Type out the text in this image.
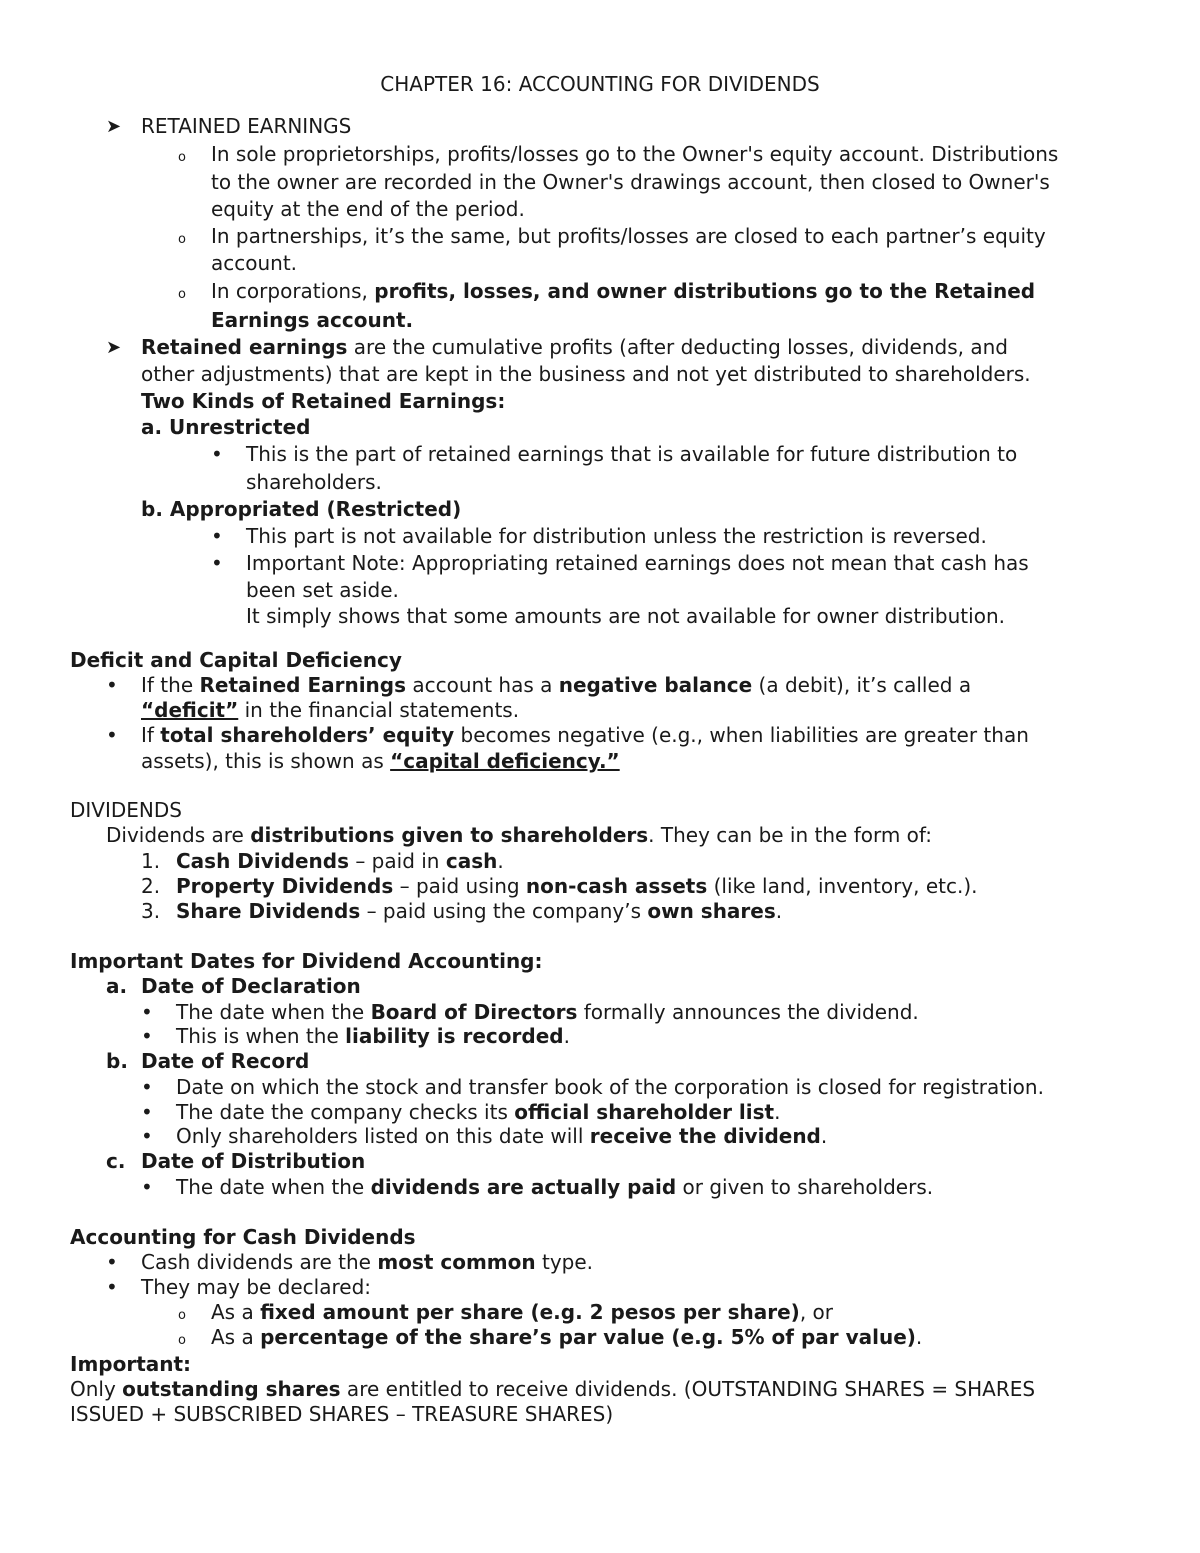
CHAPTER 16: ACCOUNTING FOR DIVIDENDS
➤ RETAINED EARNINGS
o In sole proprietorships, profits/losses go to the Owner's equity account. Distributions
to the owner are recorded in the Owner's drawings account, then closed to Owner's
equity at the end of the period.
o In partnerships, it’s the same, but profits/losses are closed to each partner’s equity
account.
o In corporations, profits, losses, and owner distributions go to the Retained
Earnings account.
➤ Retained earnings are the cumulative profits (after deducting losses, dividends, and
other adjustments) that are kept in the business and not yet distributed to shareholders.
Two Kinds of Retained Earnings:
a. Unrestricted
• This is the part of retained earnings that is available for future distribution to
shareholders.
b. Appropriated (Restricted)
• This part is not available for distribution unless the restriction is reversed.
• Important Note: Appropriating retained earnings does not mean that cash has
been set aside.
It simply shows that some amounts are not available for owner distribution.
Deficit and Capital Deficiency
• If the Retained Earnings account has a negative balance (a debit), it’s called a
“deficit” in the financial statements.
• If total shareholders’ equity becomes negative (e.g., when liabilities are greater than
assets), this is shown as “capital deficiency.”
DIVIDENDS
Dividends are distributions given to shareholders. They can be in the form of:
1. Cash Dividends – paid in cash.
2. Property Dividends – paid using non-cash assets (like land, inventory, etc.).
3. Share Dividends – paid using the company’s own shares.
Important Dates for Dividend Accounting:
a. Date of Declaration
• The date when the Board of Directors formally announces the dividend.
• This is when the liability is recorded.
b. Date of Record
• Date on which the stock and transfer book of the corporation is closed for registration.
• The date the company checks its official shareholder list.
• Only shareholders listed on this date will receive the dividend.
c. Date of Distribution
• The date when the dividends are actually paid or given to shareholders.
Accounting for Cash Dividends
• Cash dividends are the most common type.
• They may be declared:
o As a fixed amount per share (e.g. 2 pesos per share), or
o As a percentage of the share’s par value (e.g. 5% of par value).
Important:
Only outstanding shares are entitled to receive dividends. (OUTSTANDING SHARES = SHARES
ISSUED + SUBSCRIBED SHARES – TREASURE SHARES)
